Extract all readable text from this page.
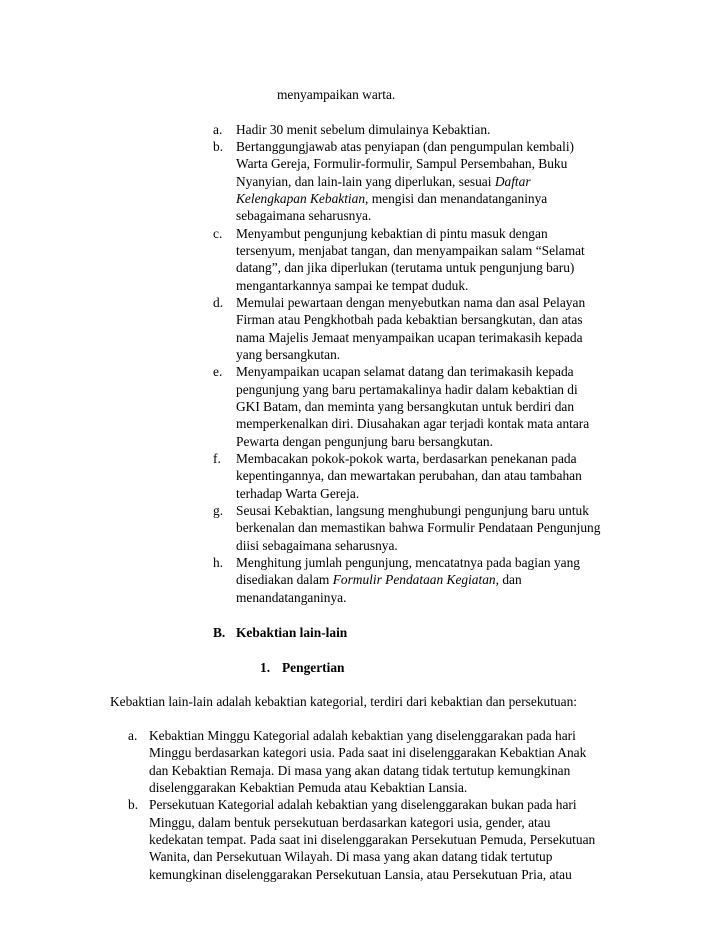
menyampaikan warta.
a. Hadir 30 menit sebelum dimulainya Kebaktian.
b. Bertanggungjawab atas penyiapan (dan pengumpulan kembali)
Warta Gereja, Formulir-formulir, Sampul Persembahan, Buku
Nyanyian, dan lain-lain yang diperlukan, sesuai Daftar
Kelengkapan Kebaktian, mengisi dan menandatanganinya
sebagaimana seharusnya.
c. Menyambut pengunjung kebaktian di pintu masuk dengan
tersenyum, menjabat tangan, dan menyampaikan salam “Selamat
datang”, dan jika diperlukan (terutama untuk pengunjung baru)
mengantarkannya sampai ke tempat duduk.
d. Memulai pewartaan dengan menyebutkan nama dan asal Pelayan
Firman atau Pengkhotbah pada kebaktian bersangkutan, dan atas
nama Majelis Jemaat menyampaikan ucapan terimakasih kepada
yang bersangkutan.
e. Menyampaikan ucapan selamat datang dan terimakasih kepada
pengunjung yang baru pertamakalinya hadir dalam kebaktian di
GKI Batam, dan meminta yang bersangkutan untuk berdiri dan
memperkenalkan diri. Diusahakan agar terjadi kontak mata antara
Pewarta dengan pengunjung baru bersangkutan.
f. Membacakan pokok-pokok warta, berdasarkan penekanan pada
kepentingannya, dan mewartakan perubahan, dan atau tambahan
terhadap Warta Gereja.
g. Seusai Kebaktian, langsung menghubungi pengunjung baru untuk
berkenalan dan memastikan bahwa Formulir Pendataan Pengunjung
diisi sebagaimana seharusnya.
h. Menghitung jumlah pengunjung, mencatatnya pada bagian yang
disediakan dalam Formulir Pendataan Kegiatan, dan
menandatanganinya.
B. Kebaktian lain-lain
1. Pengertian
Kebaktian lain-lain adalah kebaktian kategorial, terdiri dari kebaktian dan persekutuan:
a. Kebaktian Minggu Kategorial adalah kebaktian yang diselenggarakan pada hari
Minggu berdasarkan kategori usia. Pada saat ini diselenggarakan Kebaktian Anak
dan Kebaktian Remaja. Di masa yang akan datang tidak tertutup kemungkinan
diselenggarakan Kebaktian Pemuda atau Kebaktian Lansia.
b. Persekutuan Kategorial adalah kebaktian yang diselenggarakan bukan pada hari
Minggu, dalam bentuk persekutuan berdasarkan kategori usia, gender, atau
kedekatan tempat. Pada saat ini diselenggarakan Persekutuan Pemuda, Persekutuan
Wanita, dan Persekutuan Wilayah. Di masa yang akan datang tidak tertutup
kemungkinan diselenggarakan Persekutuan Lansia, atau Persekutuan Pria, atau
